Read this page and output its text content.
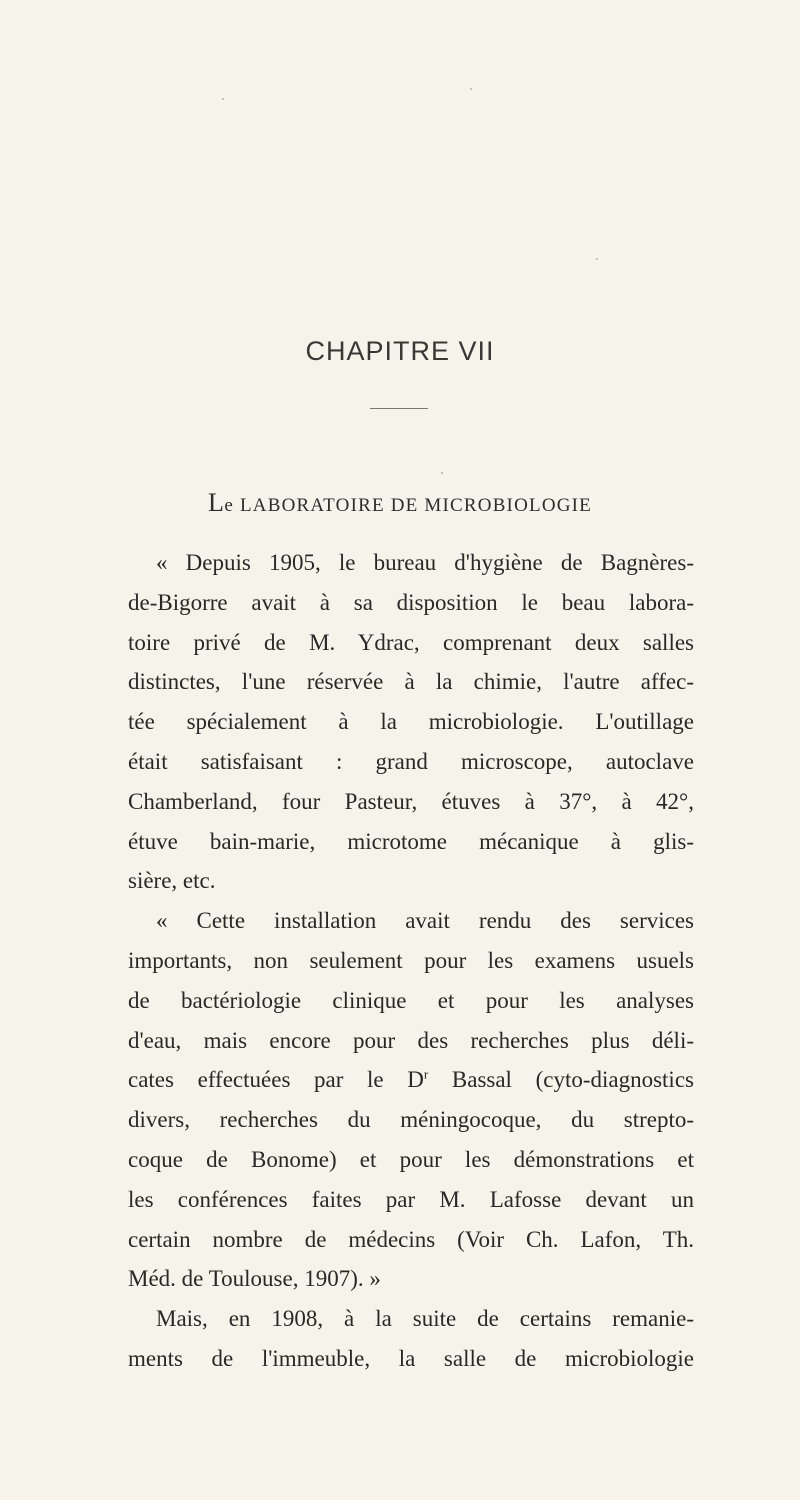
CHAPITRE VII
Le LABORATOIRE DE MICROBIOLOGIE
« Depuis 1905, le bureau d'hygiène de Bagnères-
de-Bigorre avait à sa disposition le beau labora-
toire privé de M. Ydrac, comprenant deux salles
distinctes, l'une réservée à la chimie, l'autre affec-
tée spécialement à la microbiologie. L'outillage
était satisfaisant : grand microscope, autoclave
Chamberland, four Pasteur, étuves à 37°, à 42°,
étuve bain-marie, microtome mécanique à glis-
sière, etc.
« Cette installation avait rendu des services
importants, non seulement pour les examens usuels
de bactériologie clinique et pour les analyses
d'eau, mais encore pour des recherches plus déli-
cates effectuées par le $D^r$ Bassal (cyto-diagnostics
divers, recherches du méningocoque, du strepto-
coque de Bonome) et pour les démonstrations et
les conférences faites par M. Lafosse devant un
certain nombre de médecins (Voir Ch. Lafon, Th.
Méd. de Toulouse, 1907). »
Mais, en 1908, à la suite de certains remanie-
ments de l'immeuble, la salle de microbiologie
